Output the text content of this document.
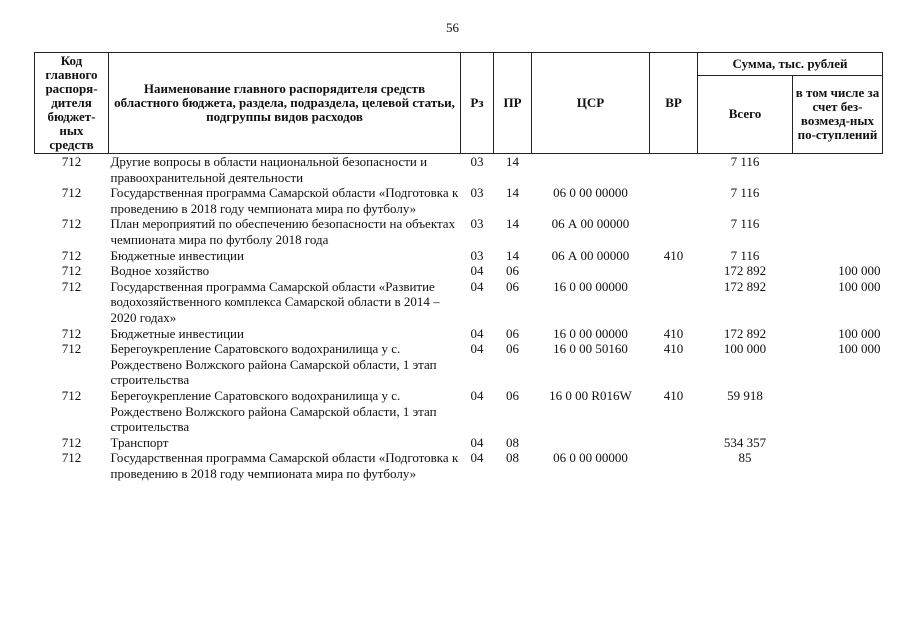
56
Код главного распоря-дителя бюджет-ных средств	Наименование главного распорядителя средств областного бюджета, раздела, подраздела, целевой статьи, подгруппы видов расходов	Рз	ПР	ЦСР	ВР	Сумма, тыс. рублей	
						Всего	в том числе за счет без-возмезд-ных по-ступлений
712	Другие вопросы в области национальной безопасности и правоохранительной деятельности	03	14			7 116	
712	Государственная программа Самарской области «Подготовка к проведению в 2018 году чемпионата мира по футболу»	03	14	06 0 00 00000		7 116	
712	План мероприятий по обеспечению безопасности на объектах чемпионата мира по футболу 2018 года	03	14	06 А 00 00000		7 116	
712	Бюджетные инвестиции	03	14	06 А 00 00000	410	7 116	
712	Водное хозяйство	04	06			172 892	100 000
712	Государственная программа Самарской области «Развитие водохозяйственного комплекса Самарской области в 2014 – 2020 годах»	04	06	16 0 00 00000		172 892	100 000
712	Бюджетные инвестиции	04	06	16 0 00 00000	410	172 892	100 000
712	Берегоукрепление Саратовского водохранилища у с. Рождествено Волжского района Самарской области, 1 этап строительства	04	06	16 0 00 50160	410	100 000	100 000
712	Берегоукрепление Саратовского водохранилища у с. Рождествено Волжского района Самарской области, 1 этап строительства	04	06	16 0 00 R016W	410	59 918	
712	Транспорт	04	08			534 357	
712	Государственная программа Самарской области «Подготовка к проведению в 2018 году чемпионата мира по футболу»	04	08	06 0 00 00000		85	
